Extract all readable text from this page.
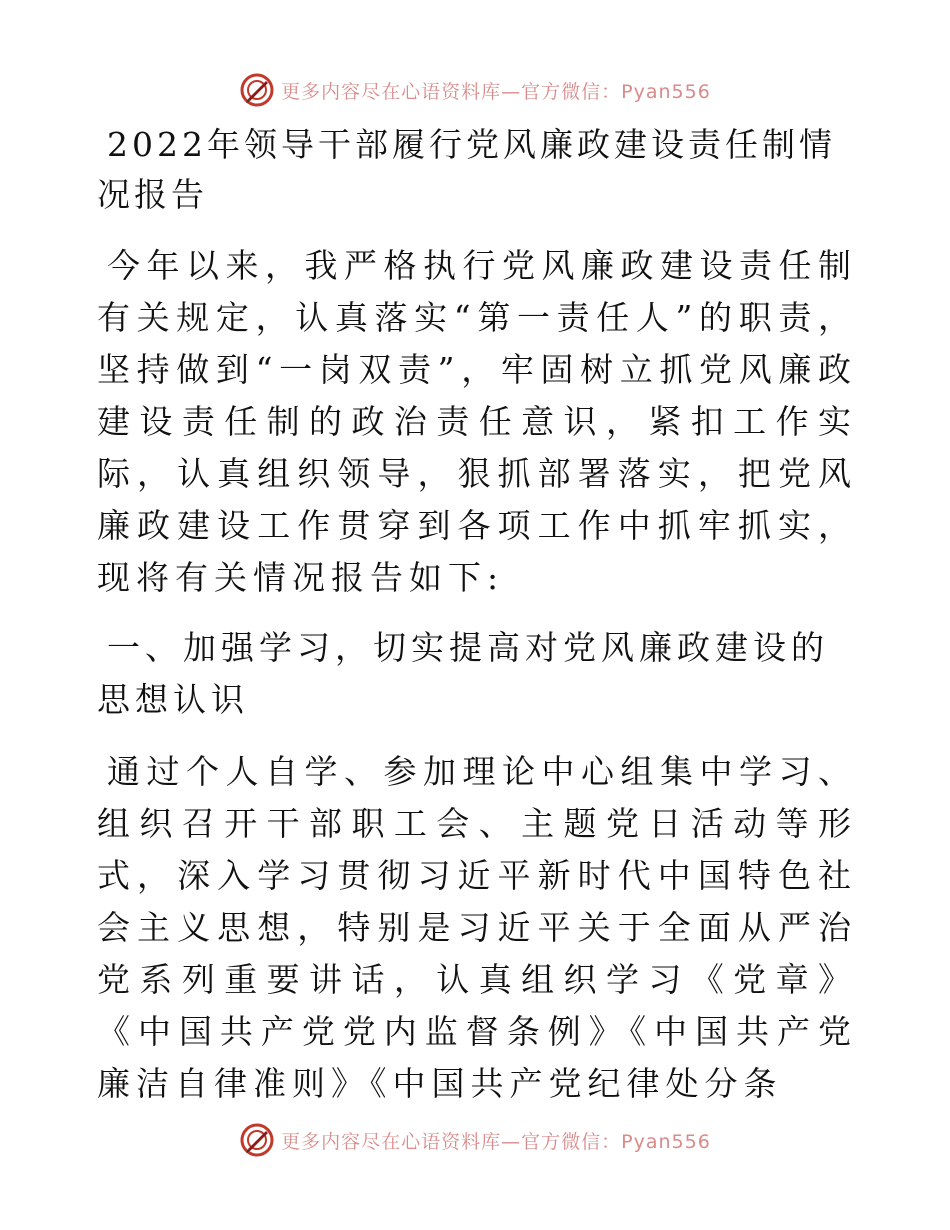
更多内容尽在心语资料库—官方微信：Pyan556
2022年领导干部履行党风廉政建设责任制情况报告

今年以来，我严格执行党风廉政建设责任制有关规定，认真落实“第一责任人”的职责，坚持做到“一岗双责”，牢固树立抓党风廉政建设责任制的政治责任意识，紧扣工作实际，认真组织领导，狠抓部署落实，把党风廉政建设工作贯穿到各项工作中抓牢抓实，现将有关情况报告如下:

一、加强学习，切实提高对党风廉政建设的思想认识

通过个人自学、参加理论中心组集中学习、组织召开干部职工会、主题党日活动等形式，深入学习贯彻习近平新时代中国特色社会主义思想，特别是习近平关于全面从严治党系列重要讲话，认真组织学习《党章》《中国共产党党内监督条例》《中国共产党廉洁自律准则》《中国共产党纪律处分条

更多内容尽在心语资料库—官方微信：Pyan556
